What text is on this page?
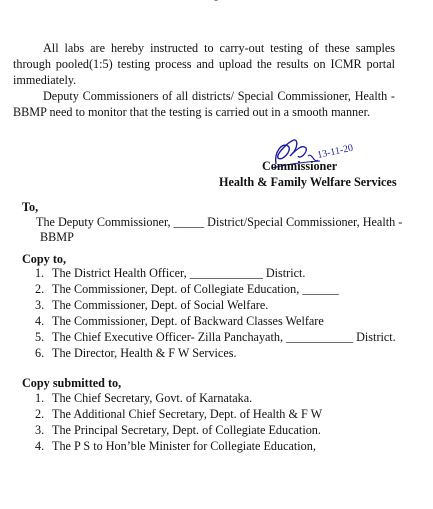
All labs are hereby instructed to carry-out testing of these samples through pooled(1:5) testing process and upload the results on ICMR portal immediately.
Deputy Commissioners of all districts/ Special Commissioner, Health - BBMP need to monitor that the testing is carried out in a smooth manner.
13-11-20
Commissioner
Health & Family Welfare Services
To,
The Deputy Commissioner, _____ District/Special Commissioner, Health -
BBMP
Copy to,
1. The District Health Officer, ____________ District.
2. The Commissioner, Dept. of Collegiate Education, ______
3. The Commissioner, Dept. of Social Welfare.
4. The Commissioner, Dept. of Backward Classes Welfare
5. The Chief Executive Officer- Zilla Panchayath, ___________ District.
6. The Director, Health & F W Services.
Copy submitted to,
1. The Chief Secretary, Govt. of Karnataka.
2. The Additional Chief Secretary, Dept. of Health & F W
3. The Principal Secretary, Dept. of Collegiate Education.
4. The P S to Hon’ble Minister for Collegiate Education,
